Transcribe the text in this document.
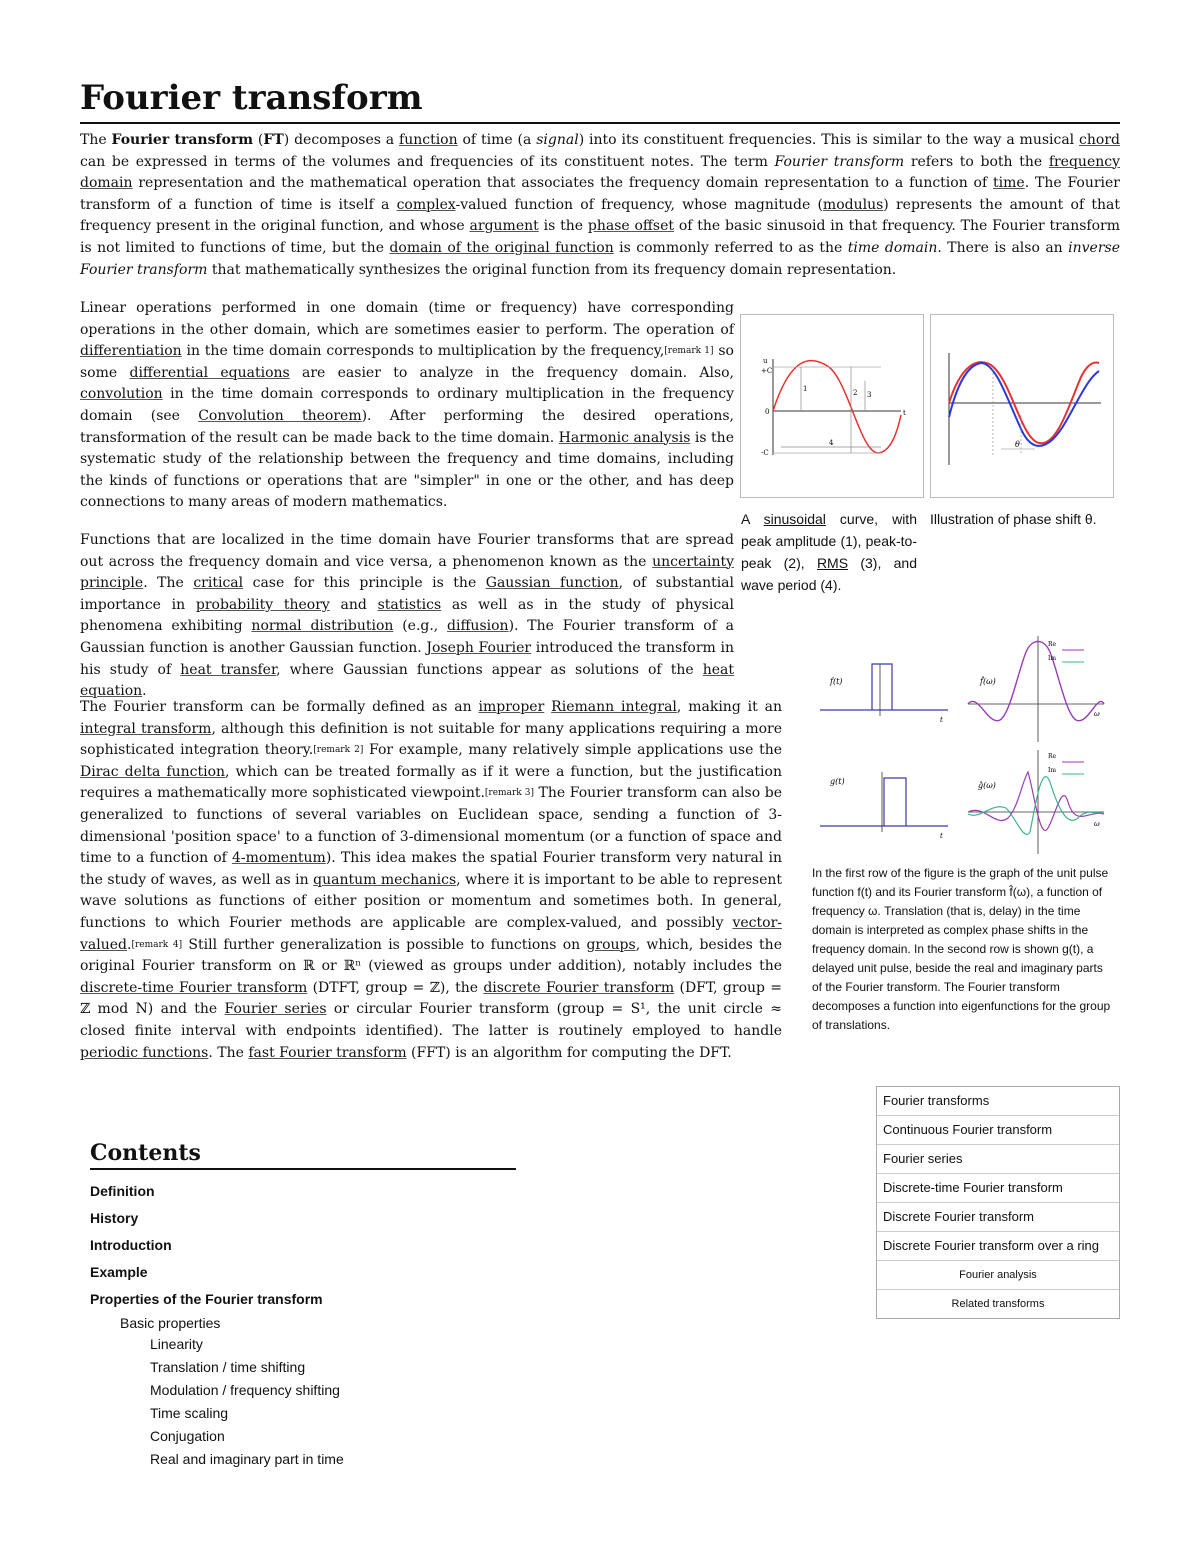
Fourier transform

The Fourier transform (FT) decomposes a function of time (a signal) into its constituent frequencies. This is similar to the way a musical chord can be expressed in terms of the volumes and frequencies of its constituent notes. The term Fourier transform refers to both the frequency domain representation and the mathematical operation that associates the frequency domain representation to a function of time. The Fourier transform of a function of time is itself a complex-valued function of frequency, whose magnitude (modulus) represents the amount of that frequency present in the original function, and whose argument is the phase offset of the basic sinusoid in that frequency. The Fourier transform is not limited to functions of time, but the domain of the original function is commonly referred to as the time domain. There is also an inverse Fourier transform that mathematically synthesizes the original function from its frequency domain representation.

Linear operations performed in one domain (time or frequency) have corresponding operations in the other domain, which are sometimes easier to perform. The operation of differentiation in the time domain corresponds to multiplication by the frequency,[remark 1] so some differential equations are easier to analyze in the frequency domain. Also, convolution in the time domain corresponds to ordinary multiplication in the frequency domain (see Convolution theorem). After performing the desired operations, transformation of the result can be made back to the time domain. Harmonic analysis is the systematic study of the relationship between the frequency and time domains, including the kinds of functions or operations that are "simpler" in one or the other, and has deep connections to many areas of modern mathematics.

Functions that are localized in the time domain have Fourier transforms that are spread out across the frequency domain and vice versa, a phenomenon known as the uncertainty principle. The critical case for this principle is the Gaussian function, of substantial importance in probability theory and statistics as well as in the study of physical phenomena exhibiting normal distribution (e.g., diffusion). The Fourier transform of a Gaussian function is another Gaussian function. Joseph Fourier introduced the transform in his study of heat transfer, where Gaussian functions appear as solutions of the heat equation.

The Fourier transform can be formally defined as an improper Riemann integral, making it an integral transform, although this definition is not suitable for many applications requiring a more sophisticated integration theory.[remark 2] For example, many relatively simple applications use the Dirac delta function, which can be treated formally as if it were a function, but the justification requires a mathematically more sophisticated viewpoint.[remark 3] The Fourier transform can also be generalized to functions of several variables on Euclidean space, sending a function of 3-dimensional 'position space' to a function of 3-dimensional momentum (or a function of space and time to a function of 4-momentum). This idea makes the spatial Fourier transform very natural in the study of waves, as well as in quantum mechanics, where it is important to be able to represent wave solutions as functions of either position or momentum and sometimes both. In general, functions to which Fourier methods are applicable are complex-valued, and possibly vector-valued.[remark 4] Still further generalization is possible to functions on groups, which, besides the original Fourier transform on ℝ or ℝⁿ (viewed as groups under addition), notably includes the discrete-time Fourier transform (DTFT, group = ℤ), the discrete Fourier transform (DFT, group = ℤ mod N) and the Fourier series or circular Fourier transform (group = S¹, the unit circle ≈ closed finite interval with endpoints identified). The latter is routinely employed to handle periodic functions. The fast Fourier transform (FFT) is an algorithm for computing the DFT.

u
+C
0
-C
t
1	2 3
4
A sinusoidal curve, with peak amplitude (1), peak-to-peak (2), RMS (3), and wave period (4).
θ
Illustration of phase shift θ.
f(t)
t
Re
Im
f̂(ω)
ω
g(t)
t
Re
Im
ĝ(ω)
ω
In the first row of the figure is the graph of the unit pulse function f(t) and its Fourier transform f̂(ω), a function of frequency ω. Translation (that is, delay) in the time domain is interpreted as complex phase shifts in the frequency domain. In the second row is shown g(t), a delayed unit pulse, beside the real and imaginary parts of the Fourier transform. The Fourier transform decomposes a function into eigenfunctions for the group of translations.
Fourier transforms
Continuous Fourier transform
Fourier series
Discrete-time Fourier transform
Discrete Fourier transform
Discrete Fourier transform over a ring
Fourier analysis
Related transforms
Contents
Definition
History
Introduction
Example
Properties of the Fourier transform
Basic properties
Linearity
Translation / time shifting
Modulation / frequency shifting
Time scaling
Conjugation
Real and imaginary part in time
